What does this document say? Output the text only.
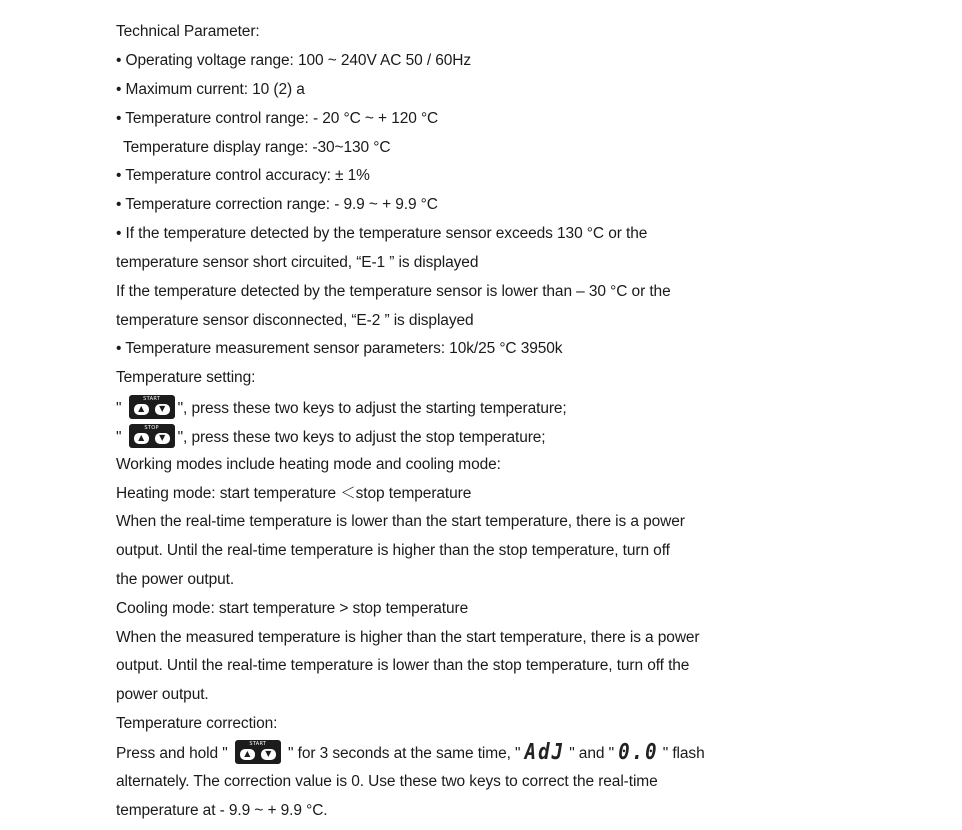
Technical Parameter:
• Operating voltage range: 100 ~ 240V AC 50 / 60Hz
• Maximum current: 10 (2) a
• Temperature control range: - 20 °C ~ + 120 °C
Temperature display range: -30~130 °C
• Temperature control accuracy: ± 1%
• Temperature correction range: - 9.9 ~ + 9.9 °C
• If the temperature detected by the temperature sensor exceeds 130 °C or the
temperature sensor short circuited, “E-1 ” is displayed
If the temperature detected by the temperature sensor is lower than – 30 °C or the
temperature sensor disconnected, “E-2 ” is displayed
• Temperature measurement sensor parameters: 10k/25 °C 3950k
Temperature setting:
"
START
▲	▼ ", press these two keys to adjust the starting temperature;
"
STOP
▲	▼ ", press these two keys to adjust the stop temperature;
Working modes include heating mode and cooling mode:
Heating mode: start temperature ＜stop temperature
When the real-time temperature is lower than the start temperature, there is a power
output. Until the real-time temperature is higher than the stop temperature, turn off
the power output.
Cooling mode: start temperature > stop temperature
When the measured temperature is higher than the start temperature, there is a power
output. Until the real-time temperature is lower than the stop temperature, turn off the
power output.
Temperature correction:
Press and hold "
START
▲	▼	" for 3 seconds at the same time, " AdJ " and " 0.0 " flash
alternately. The correction value is 0. Use these two keys to correct the real-time
temperature at - 9.9 ~ + 9.9 °C.
